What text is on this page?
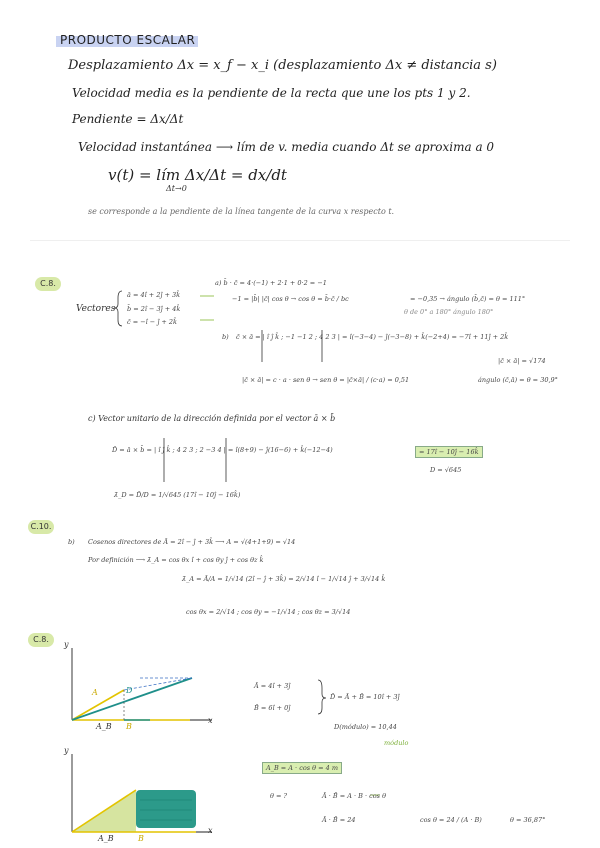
PRODUCTO ESCALAR
Desplazamiento Δx = x_f − x_i (desplazamiento Δx ≠ distancia s)
Velocidad media es la pendiente de la recta que une los pts 1 y 2.
Pendiente = Δx/Δt
Velocidad instantánea ⟶ lím de v. media cuando Δt se aproxima a 0
v(t) = lím Δx/Δt = dx/dt
Δt→0
se corresponde a la pendiente de la línea tangente de la curva x respecto t.
C.8.
Vectores
ā = 4î + 2ĵ + 3k̂
b̄ = 2î − 3ĵ + 4k̂
c̄ = −î − ĵ + 2k̂
a) b̄ · c̄ = 4·(−1) + 2·1 + 0·2 = −1
−1 = |b̄| |c̄| cos θ → cos θ = b̄·c̄ / bc	= −0,35 → ángulo (b̄,c̄) = θ = 111°
θ de 0° a 180° ángulo 180°
b) c̄ × ā = | î ĵ k̂ ; −1 −1 2 ; 4 2 3 | = î(−3−4) − ĵ(−3−8) + k̂(−2+4) = −7î + 11ĵ + 2k̂
|c̄ × ā| = √174
|c̄ × ā| = c · a · sen θ → sen θ = |c̄×ā| / (c·a) = 0,51	ángulo (c̄,ā) = θ = 30,9°
c) Vector unitario de la dirección definida por el vector ā × b̄
D̄ = ā × b̄ = | î ĵ k̂ ; 4 2 3 ; 2 −3 4 | = î(8+9) − ĵ(16−6) + k̂(−12−4)	= 17î − 10ĵ − 16k̂
D = √645
λ̄_D = D̄/D = 1/√645 (17î − 10ĵ − 16k̂)
C.10.
b) Cosenos directores de Ā = 2î − ĵ + 3k̂ ⟶ A = √(4+1+9) = √14
Por definición ⟶ λ̄_A = cos θx î + cos θy ĵ + cos θz k̂
λ̄_A = Ā/A = 1/√14 (2î − ĵ + 3k̂) = 2/√14 î − 1/√14 ĵ + 3/√14 k̂
cos θx = 2/√14 ; cos θy = −1/√14 ; cos θz = 3/√14
C.8.
y
x
A
B
D
A_B
y
x
A_B	B
Ā = 4î + 3ĵ
B̄ = 6î + 0ĵ
D̄ = Ā + B̄ = 10î + 3ĵ
D(módulo) = 10,44
módulo
A_B = A · cos θ = 4 m
θ = ?	Ā · B̄ = A · B · cos θ
Ā · B̄ = 24	cos θ = 24 / (A · B)	θ = 36,87°
